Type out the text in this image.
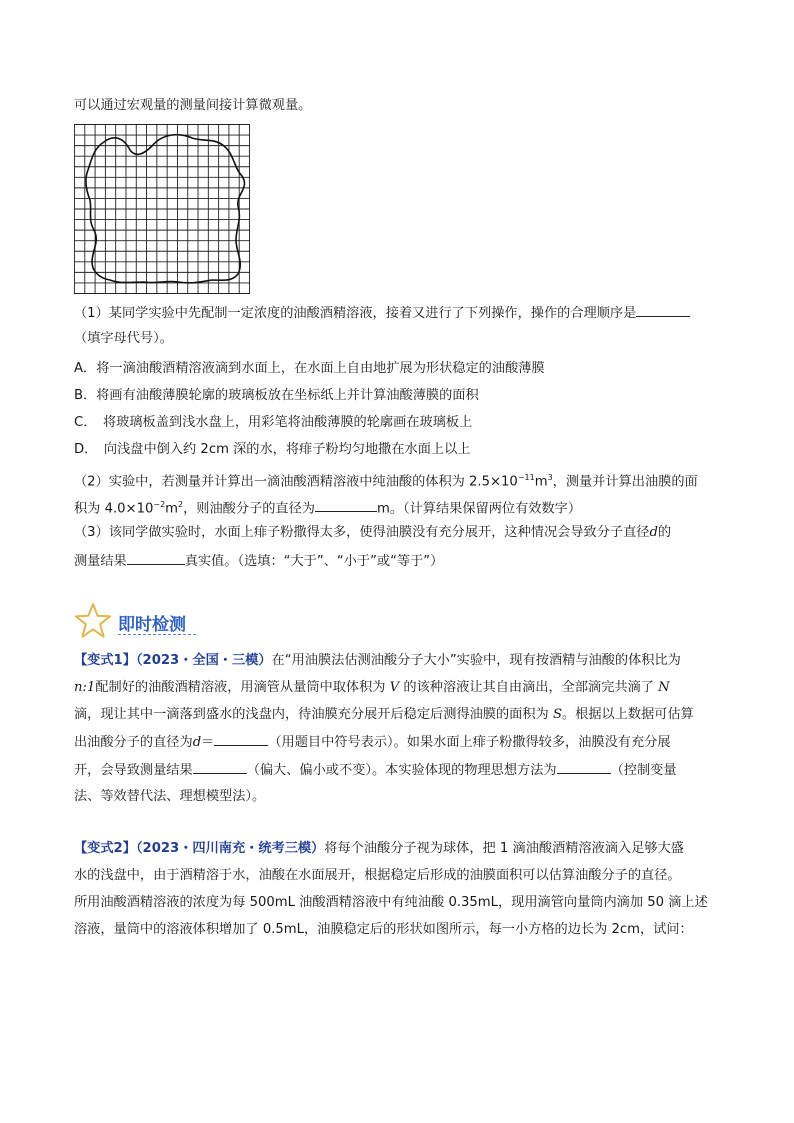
可以通过宏观量的测量间接计算微观量。
（1）某同学实验中先配制一定浓度的油酸酒精溶液，接着又进行了下列操作，操作的合理顺序是
（填字母代号）。
A．将一滴油酸酒精溶液滴到水面上，在水面上自由地扩展为形状稳定的油酸薄膜
B．将画有油酸薄膜轮廓的玻璃板放在坐标纸上并计算油酸薄膜的面积
C．　将玻璃板盖到浅水盘上，用彩笔将油酸薄膜的轮廓画在玻璃板上
D．　向浅盘中倒入约 2cm 深的水，将痱子粉均匀地撒在水面上以上
（2）实验中，若测量并计算出一滴油酸酒精溶液中纯油酸的体积为 $2.5\times 10^{-11}m^3$，测量并计算出油膜的面
积为 $4.0\times 10^{-2}m^2$，则油酸分子的直径为	m。（计算结果保留两位有效数字）
（3）该同学做实验时，水面上痱子粉撒得太多，使得油膜没有充分展开，这种情况会导致分子直径d的
测量结果	真实值。（选填：“大于”、“小于”或“等于”）
即时检测
【变式1】（2023・全国・三模）在“用油膜法估测油酸分子大小”实验中，现有按酒精与油酸的体积比为
n:1配制好的油酸酒精溶液，用滴管从量筒中取体积为 V 的该种溶液让其自由滴出，全部滴完共滴了 N
滴，现让其中一滴落到盛水的浅盘内，待油膜充分展开后稳定后测得油膜的面积为 S。根据以上数据可估算
出油酸分子的直径为d＝	（用题目中符号表示）。如果水面上痱子粉撒得较多，油膜没有充分展
开，会导致测量结果	（偏大、偏小或不变）。本实验体现的物理思想方法为	（控制变量
法、等效替代法、理想模型法）。
【变式2】（2023・四川南充・统考三模）将每个油酸分子视为球体，把 1 滴油酸酒精溶液滴入足够大盛
水的浅盘中，由于酒精溶于水，油酸在水面展开，根据稳定后形成的油膜面积可以估算油酸分子的直径。
所用油酸酒精溶液的浓度为每 500mL 油酸酒精溶液中有纯油酸 0.35mL，现用滴管向量筒内滴加 50 滴上述
溶液，量筒中的溶液体积增加了 0.5mL，油膜稳定后的形状如图所示，每一小方格的边长为 2cm，试问：
